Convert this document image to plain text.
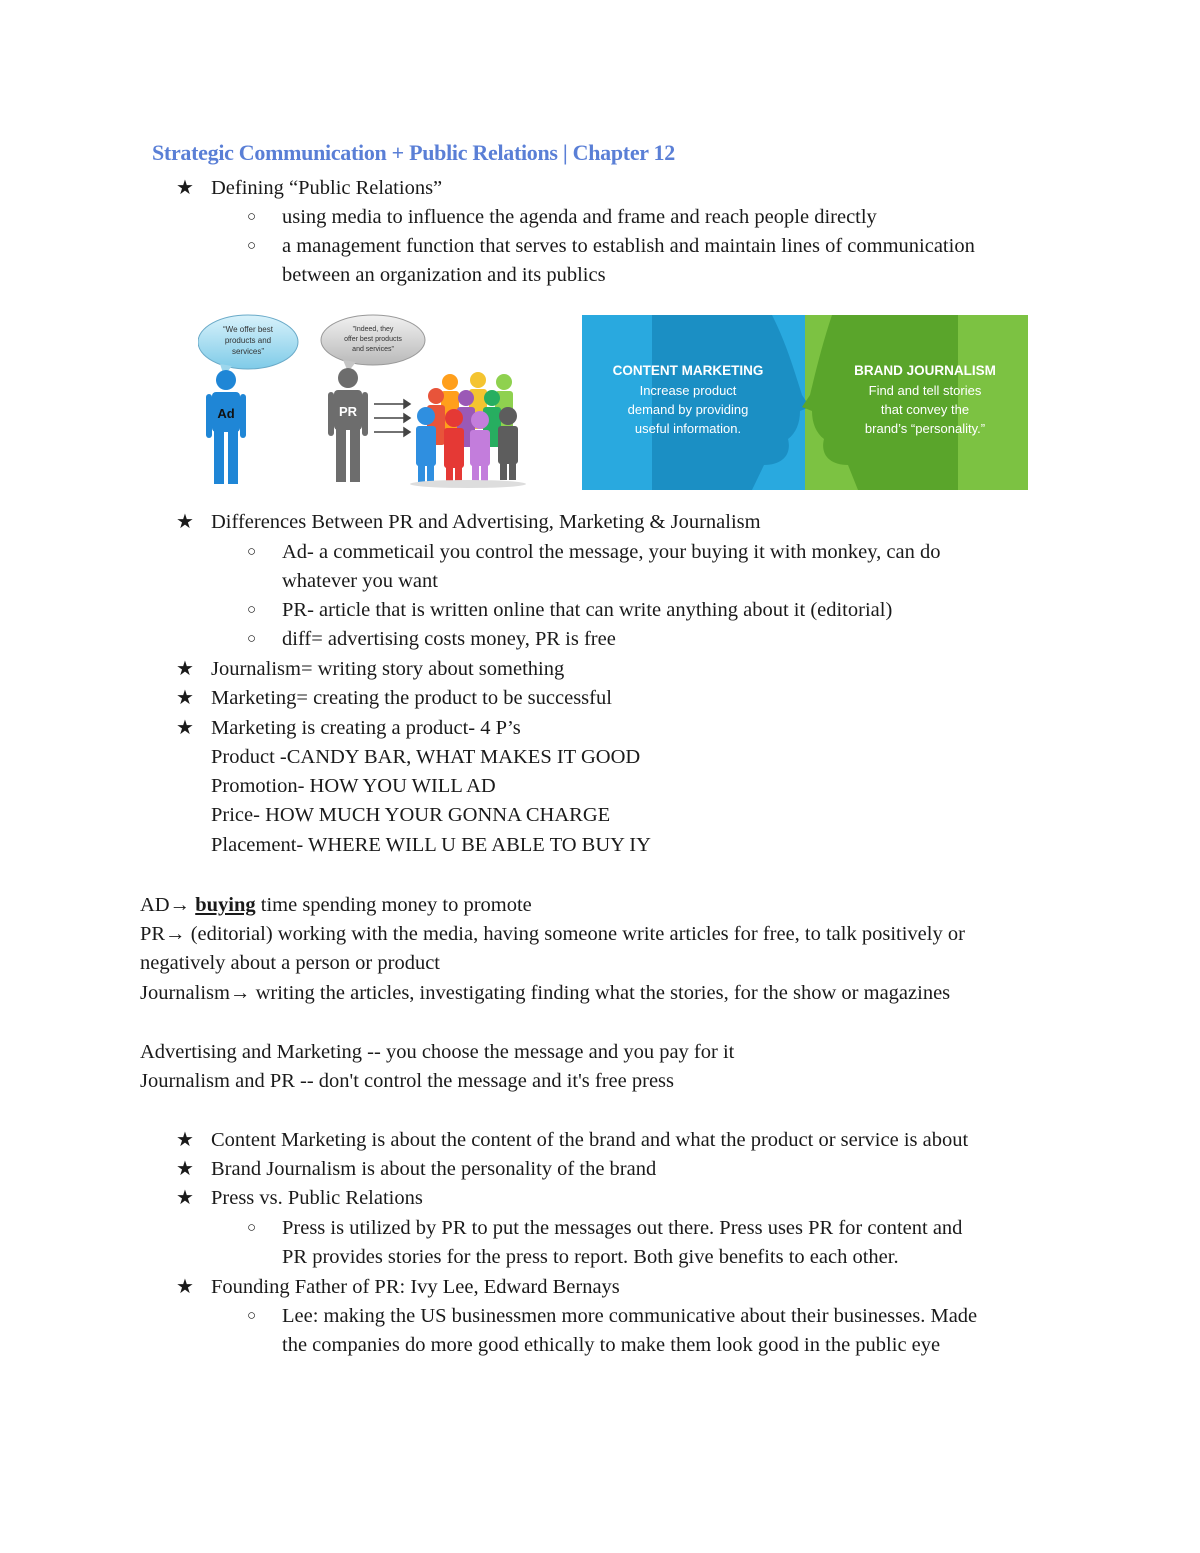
Strategic Communication + Public Relations | Chapter 12
★ Defining “Public Relations”
○ using media to influence the agenda and frame and reach people directly
○ a management function that serves to establish and maintain lines of communication
between an organization and its publics
“We offer best
products and
services”
Ad
”Indeed, they
offer best products
and services”
PR
CONTENT MARKETING
Increase product
demand by providing
useful information.
BRAND JOURNALISM
Find and tell stories
that convey the
brand’s “personality.”
★ Differences Between PR and Advertising, Marketing & Journalism
○ Ad- a commeticail you control the message, your buying it with monkey, can do
whatever you want
○ PR- article that is written online that can write anything about it (editorial)
○ diff= advertising costs money, PR is free
★ Journalism= writing story about something
★ Marketing= creating the product to be successful
★ Marketing is creating a product- 4 P’s
Product -CANDY BAR, WHAT MAKES IT GOOD
Promotion- HOW YOU WILL AD
Price- HOW MUCH YOUR GONNA CHARGE
Placement- WHERE WILL U BE ABLE TO BUY IY
AD→ buying time spending money to promote
PR→ (editorial) working with the media, having someone write articles for free, to talk positively or
negatively about a person or product
Journalism→ writing the articles, investigating finding what the stories, for the show or magazines
Advertising and Marketing -- you choose the message and you pay for it
Journalism and PR -- don't control the message and it's free press
★ Content Marketing is about the content of the brand and what the product or service is about
★ Brand Journalism is about the personality of the brand
★ Press vs. Public Relations
○ Press is utilized by PR to put the messages out there. Press uses PR for content and
PR provides stories for the press to report. Both give benefits to each other.
★ Founding Father of PR: Ivy Lee, Edward Bernays
○ Lee: making the US businessmen more communicative about their businesses. Made
the companies do more good ethically to make them look good in the public eye
